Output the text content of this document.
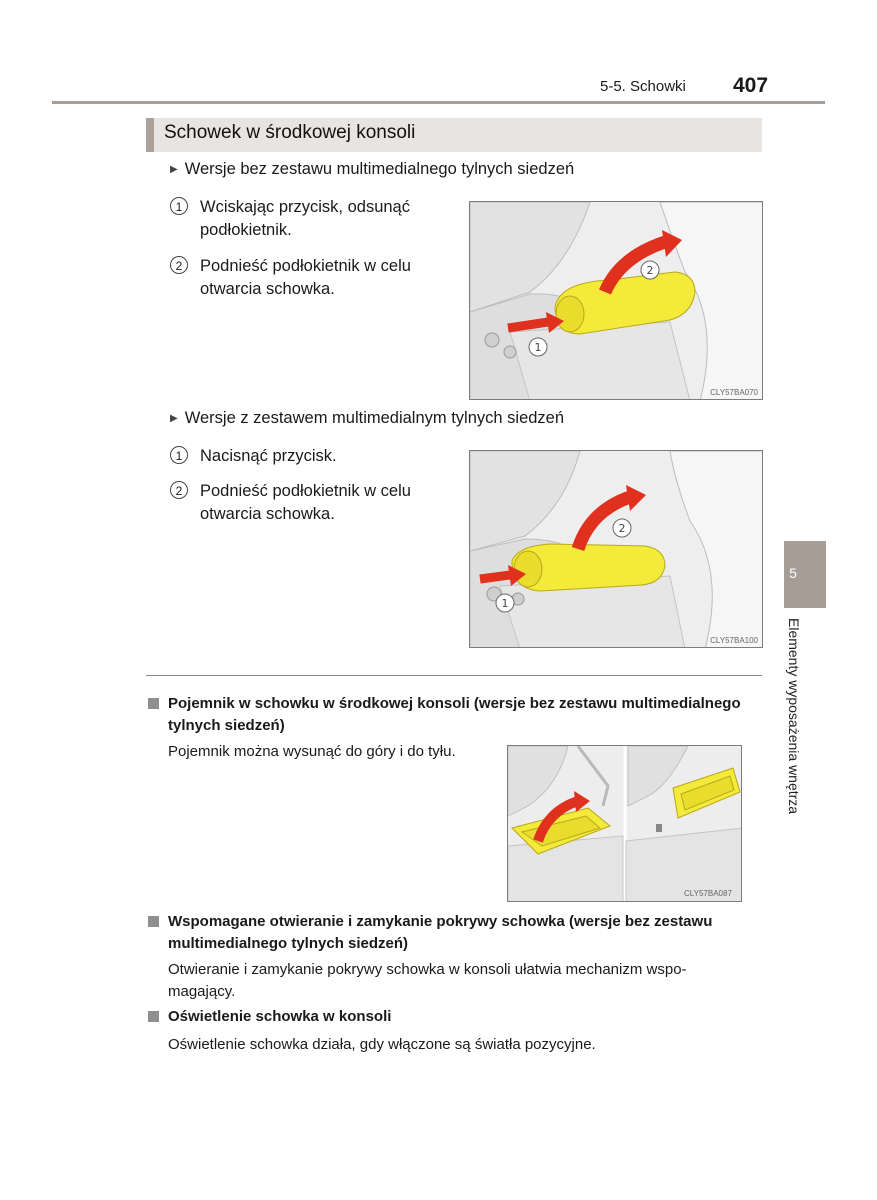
5-5. Schowki 407
Schowek w środkowej konsoli
▶ Wersje bez zestawu multimedialnego tylnych siedzeń
1	Wciskając przycisk, odsunąć
podłokietnik.
2	Podnieść podłokietnik w celu
otwarcia schowka.
2
1
CLY57BA070
▶ Wersje z zestawem multimedialnym tylnych siedzeń
1	Nacisnąć przycisk.
2	Podnieść podłokietnik w celu
otwarcia schowka.
2
1
CLY57BA100
Pojemnik w schowku w środkowej konsoli (wersje bez zestawu multimedialnego
tylnych siedzeń)
Pojemnik można wysunąć do góry i do tyłu.
CLY57BA087
Wspomagane otwieranie i zamykanie pokrywy schowka (wersje bez zestawu
multimedialnego tylnych siedzeń)
Otwieranie i zamykanie pokrywy schowka w konsoli ułatwia mechanizm wspo-
magający.
Oświetlenie schowka w konsoli
Oświetlenie schowka działa, gdy włączone są światła pozycyjne.
5
Elementy wyposażenia wnętrza
